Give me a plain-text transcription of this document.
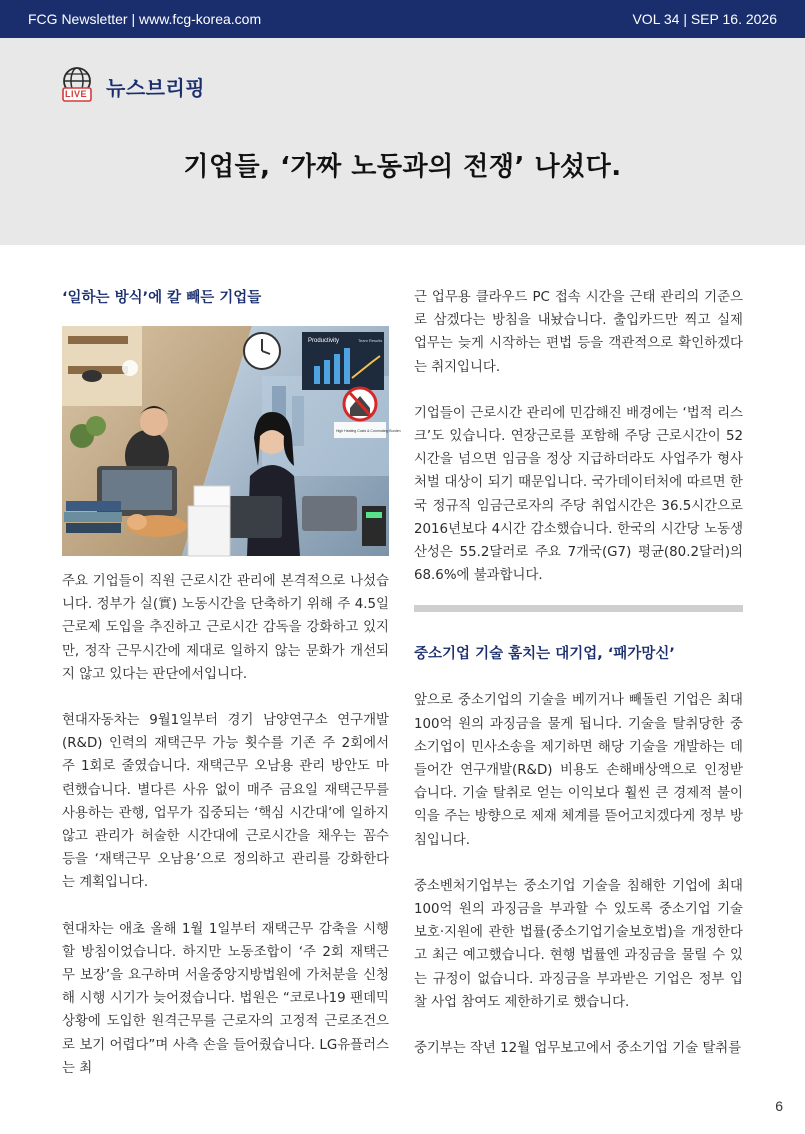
FCG Newsletter | www.fcg-korea.com	VOL 34 | SEP 16. 2026
LIVE 뉴스브리핑
기업들, ‘가짜 노동과의 전쟁’ 나섰다.
‘일하는 방식’에 칼 빼든 기업들
Productivity	Team Results
High Heating Costs & Commuting Burden

주요 기업들이 직원 근로시간 관리에 본격적으로 나섰습니다. 정부가 실(實) 노동시간을 단축하기 위해 주 4.5일 근로제 도입을 추진하고 근로시간 감독을 강화하고 있지만, 정작 근무시간에 제대로 일하지 않는 문화가 개선되지 않고 있다는 판단에서입니다.

현대자동차는 9월1일부터 경기 남양연구소 연구개발(R&D) 인력의 재택근무 가능 횟수를 기존 주 2회에서 주 1회로 줄였습니다. 재택근무 오남용 관리 방안도 마련했습니다. 별다른 사유 없이 매주 금요일 재택근무를 사용하는 관행, 업무가 집중되는 ‘핵심 시간대’에 일하지 않고 관리가 허술한 시간대에 근로시간을 채우는 꼼수 등을 ‘재택근무 오남용’으로 정의하고 관리를 강화한다는 계획입니다.

현대차는 애초 올해 1월 1일부터 재택근무 감축을 시행할 방침이었습니다. 하지만 노동조합이 ‘주 2회 재택근무 보장’을 요구하며 서울중앙지방법원에 가처분을 신청해 시행 시기가 늦어졌습니다. 법원은 “코로나19 팬데믹 상황에 도입한 원격근무를 근로자의 고정적 근로조건으로 보기 어렵다”며 사측 손을 들어줬습니다. LG유플러스는 최

근 업무용 클라우드 PC 접속 시간을 근태 관리의 기준으로 삼겠다는 방침을 내놨습니다. 출입카드만 찍고 실제 업무는 늦게 시작하는 편법 등을 객관적으로 확인하겠다는 취지입니다.

기업들이 근로시간 관리에 민감해진 배경에는 ‘법적 리스크’도 있습니다. 연장근로를 포함해 주당 근로시간이 52시간을 넘으면 임금을 정상 지급하더라도 사업주가 형사처벌 대상이 되기 때문입니다. 국가데이터처에 따르면 한국 정규직 임금근로자의 주당 취업시간은 36.5시간으로 2016년보다 4시간 감소했습니다. 한국의 시간당 노동생산성은 55.2달러로 주요 7개국(G7) 평균(80.2달러)의 68.6%에 불과합니다.

중소기업 기술 훔치는 대기업, ‘패가망신’

앞으로 중소기업의 기술을 베끼거나 빼돌린 기업은 최대 100억 원의 과징금을 물게 됩니다. 기술을 탈취당한 중소기업이 민사소송을 제기하면 해당 기술을 개발하는 데 들어간 연구개발(R&D) 비용도 손해배상액으로 인정받습니다. 기술 탈취로 얻는 이익보다 훨씬 큰 경제적 불이익을 주는 방향으로 제재 체계를 뜯어고치겠다게 정부 방침입니다.

중소벤처기업부는 중소기업 기술을 침해한 기업에 최대 100억 원의 과징금을 부과할 수 있도록 중소기업 기술 보호·지원에 관한 법률(중소기업기술보호법)을 개정한다고 최근 예고했습니다. 현행 법률엔 과징금을 물릴 수 있는 규정이 없습니다. 과징금을 부과받은 기업은 정부 입찰 사업 참여도 제한하기로 했습니다.

중기부는 작년 12월 업무보고에서 중소기업 기술 탈취를

6
